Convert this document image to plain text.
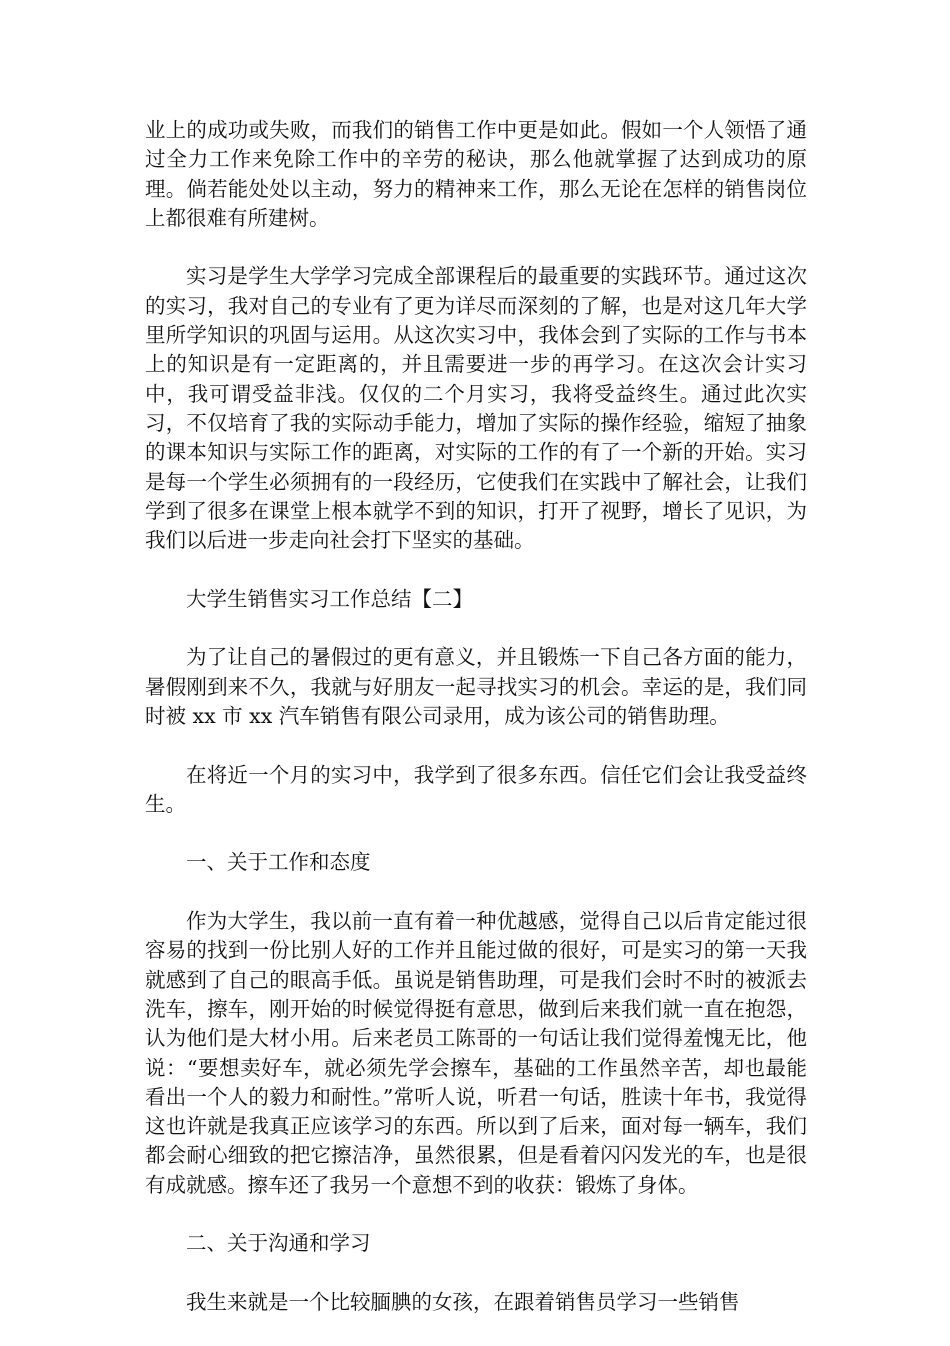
业上的成功或失败，而我们的销售工作中更是如此。假如一个人领悟了通过全力工作来免除工作中的辛劳的秘诀，那么他就掌握了达到成功的原理。倘若能处处以主动，努力的精神来工作，那么无论在怎样的销售岗位上都很难有所建树。

实习是学生大学学习完成全部课程后的最重要的实践环节。通过这次的实习，我对自己的专业有了更为详尽而深刻的了解，也是对这几年大学里所学知识的巩固与运用。从这次实习中，我体会到了实际的工作与书本上的知识是有一定距离的，并且需要进一步的再学习。在这次会计实习中，我可谓受益非浅。仅仅的二个月实习，我将受益终生。通过此次实习，不仅培育了我的实际动手能力，增加了实际的操作经验，缩短了抽象的课本知识与实际工作的距离，对实际的工作的有了一个新的开始。实习是每一个学生必须拥有的一段经历，它使我们在实践中了解社会，让我们学到了很多在课堂上根本就学不到的知识，打开了视野，增长了见识，为我们以后进一步走向社会打下坚实的基础。

大学生销售实习工作总结【二】

为了让自己的暑假过的更有意义，并且锻炼一下自己各方面的能力，暑假刚到来不久，我就与好朋友一起寻找实习的机会。幸运的是，我们同时被 xx 市 xx 汽车销售有限公司录用，成为该公司的销售助理。

在将近一个月的实习中，我学到了很多东西。信任它们会让我受益终生。

一、关于工作和态度

作为大学生，我以前一直有着一种优越感，觉得自己以后肯定能过很容易的找到一份比别人好的工作并且能过做的很好，可是实习的第一天我就感到了自己的眼高手低。虽说是销售助理，可是我们会时不时的被派去洗车，擦车，刚开始的时候觉得挺有意思，做到后来我们就一直在抱怨，认为他们是大材小用。后来老员工陈哥的一句话让我们觉得羞愧无比，他说：“要想卖好车，就必须先学会擦车，基础的工作虽然辛苦，却也最能看出一个人的毅力和耐性。”常听人说，听君一句话，胜读十年书，我觉得这也许就是我真正应该学习的东西。所以到了后来，面对每一辆车，我们都会耐心细致的把它擦洁净，虽然很累，但是看着闪闪发光的车，也是很有成就感。擦车还了我另一个意想不到的收获：锻炼了身体。

二、关于沟通和学习

我生来就是一个比较腼腆的女孩，在跟着销售员学习一些销售
